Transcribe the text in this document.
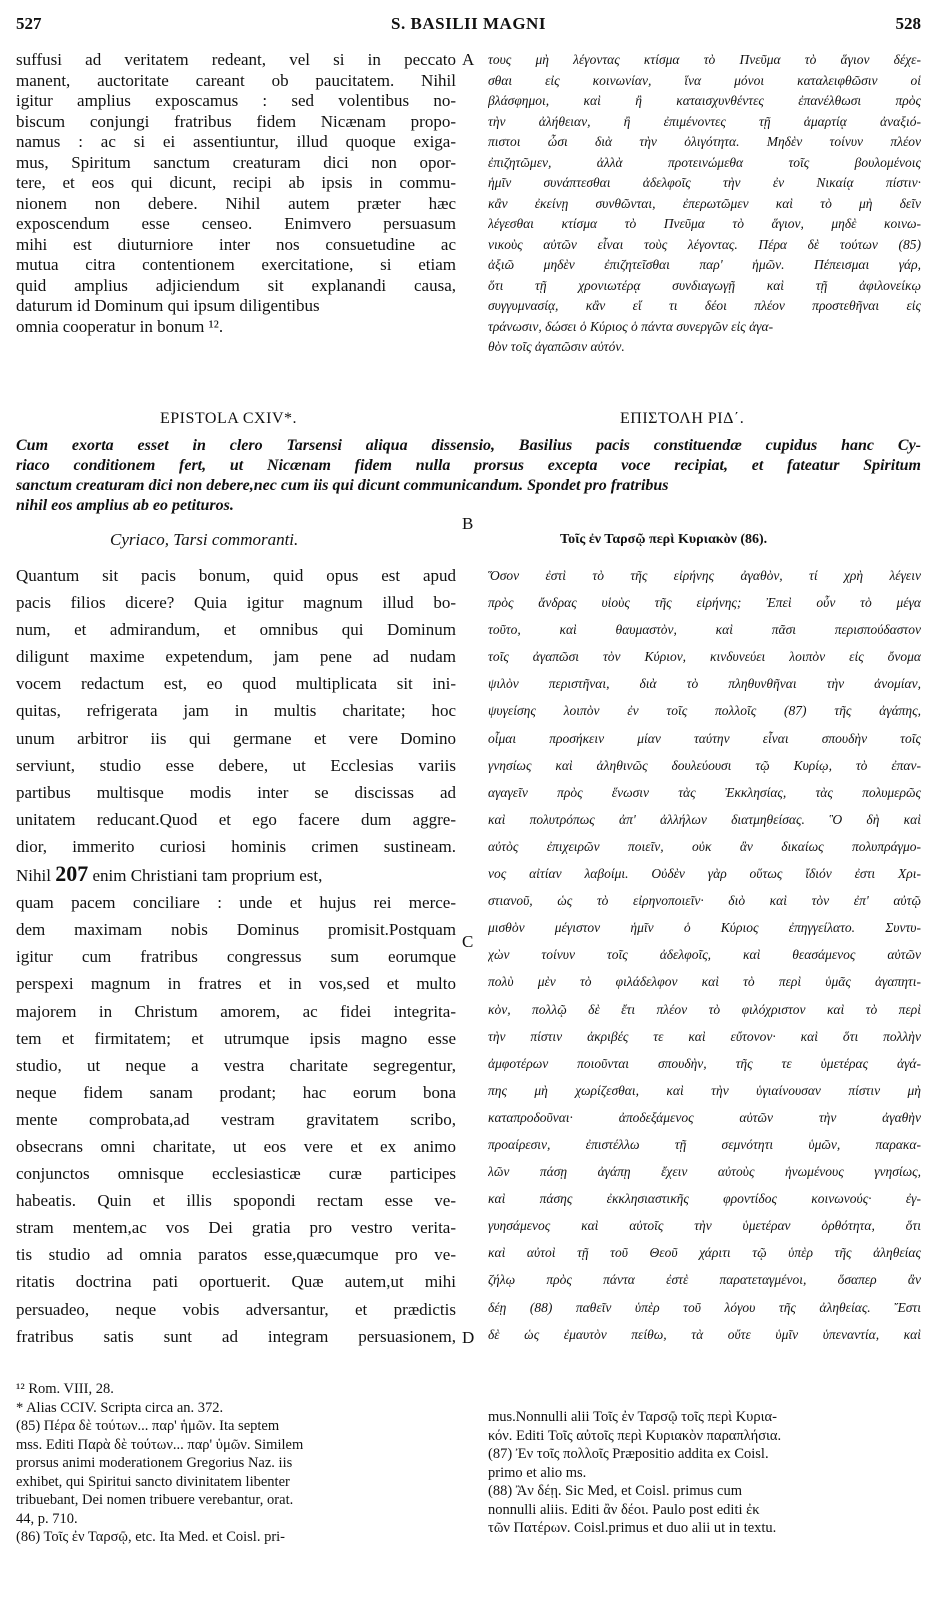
527	S. BASILII MAGNI	528
suffusi ad veritatem redeant, vel si in peccato
manent, auctoritate careant ob paucitatem. Nihil
igitur amplius exposcamus : sed volentibus no-
biscum conjungi fratribus fidem Nicænam propo-
namus : ac si ei assentiuntur, illud quoque exiga-
mus, Spiritum sanctum creaturam dici non opor-
tere, et eos qui dicunt, recipi ab ipsis in commu-
nionem non debere. Nihil autem præter hæc
exposcendum esse censeo. Enimvero persuasum
mihi est diuturniore inter nos consuetudine ac
mutua citra contentionem exercitatione, si etiam
quid amplius adjiciendum sit explanandi causa,
daturum id Dominum qui ipsum diligentibus
omnia cooperatur in bonum ¹².
A τους μὴ λέγοντας κτίσμα τὸ Πνεῦμα τὸ ἅγιον δέχε-
σθαι εἰς κοινωνίαν, ἵνα μόνοι καταλειφθῶσιν οἱ
βλάσφημοι, καὶ ἢ καταισχυνθέντες ἐπανέλθωσι πρὸς
τὴν ἀλήθειαν, ἢ ἐπιμένοντες τῇ ἁμαρτίᾳ ἀναξιό-
πιστοι ὦσι διὰ τὴν ὀλιγότητα. Μηδὲν τοίνυν πλέον
ἐπιζητῶμεν, ἀλλὰ προτεινώμεθα τοῖς βουλομένοις
ἡμῖν συνάπτεσθαι ἀδελφοῖς τὴν ἐν Νικαίᾳ πίστιν·
κἂν ἐκείνῃ συνθῶνται, ἐπερωτῶμεν καὶ τὸ μὴ δεῖν
λέγεσθαι κτίσμα τὸ Πνεῦμα τὸ ἅγιον, μηδὲ κοινω-
νικοὺς αὐτῶν εἶναι τοὺς λέγοντας. Πέρα δὲ τούτων (85)
ἀξιῶ μηδὲν ἐπιζητεῖσθαι παρ' ἡμῶν. Πέπεισμαι γάρ,
ὅτι τῇ χρονιωτέρᾳ συνδιαγωγῇ καὶ τῇ ἀφιλονείκῳ
συγγυμνασίᾳ, κἂν εἴ τι δέοι πλέον προστεθῆναι εἰς
τράνωσιν, δώσει ὁ Κύριος ὁ πάντα συνεργῶν εἰς ἀγα-
θὸν τοῖς ἀγαπῶσιν αὐτόν.
EPISTOLA CXIV*.	ΕΠΙΣΤΟΛΗ ΡΙΔ΄.
Cum exorta esset in clero Tarsensi aliqua dissensio, Basilius pacis constituendæ cupidus hanc Cy-
riaco conditionem fert, ut Nicænam fidem nulla prorsus excepta voce recipiat, et fateatur Spiritum
sanctum creaturam dici non debere,nec cum iis qui dicunt communicandum. Spondet pro fratribus
nihil eos amplius ab eo petituros.
B
Cyriaco, Tarsi commoranti.	Τοῖς ἐν Ταρσῷ περὶ Κυριακὸν (86).
Quantum sit pacis bonum, quid opus est apud
pacis filios dicere? Quia igitur magnum illud bo-
num, et admirandum, et omnibus qui Dominum
diligunt maxime expetendum, jam pene ad nudam
vocem redactum est, eo quod multiplicata sit ini-
quitas, refrigerata jam in multis charitate; hoc
unum arbitror iis qui germane et vere Domino
serviunt, studio esse debere, ut Ecclesias variis
partibus multisque modis inter se discissas ad
unitatem reducant.Quod et ego facere dum aggre-
dior, immerito curiosi hominis crimen sustineam.
Nihil 207 enim Christiani tam proprium est,
quam pacem conciliare : unde et hujus rei merce-
dem maximam nobis Dominus promisit.Postquam
igitur cum fratribus congressus sum eorumque
perspexi magnum in fratres et in vos,sed et multo
majorem in Christum amorem, ac fidei integrita-
tem et firmitatem; et utrumque ipsis magno esse
studio, ut neque a vestra charitate segregentur,
neque fidem sanam prodant; hac eorum bona
mente comprobata,ad vestram gravitatem scribo,
obsecrans omni charitate, ut eos vere et ex animo
conjunctos omnisque ecclesiasticæ curæ participes
habeatis. Quin et illis spopondi rectam esse ve-
stram mentem,ac vos Dei gratia pro vestro verita-
tis studio ad omnia paratos esse,quæcumque pro ve-
ritatis doctrina pati oportuerit. Quæ autem,ut mihi
persuadeo, neque vobis adversantur, et prædictis
fratribus satis sunt ad integram persuasionem,
C
D
Ὅσον ἐστὶ τὸ τῆς εἰρήνης ἀγαθὸν, τί χρὴ λέγειν
πρὸς ἄνδρας υἱοὺς τῆς εἰρήνης; Ἐπεὶ οὖν τὸ μέγα
τοῦτο, καὶ θαυμαστὸν, καὶ πᾶσι περισπούδαστον
τοῖς ἀγαπῶσι τὸν Κύριον, κινδυνεύει λοιπὸν εἰς ὄνομα
ψιλὸν περιστῆναι, διὰ τὸ πληθυνθῆναι τὴν ἀνομίαν,
ψυγείσης λοιπὸν ἐν τοῖς πολλοῖς (87) τῆς ἀγάπης,
οἶμαι προσήκειν μίαν ταύτην εἶναι σπουδὴν τοῖς
γνησίως καὶ ἀληθινῶς δουλεύουσι τῷ Κυρίῳ, τὸ ἐπαν-
αγαγεῖν πρὸς ἕνωσιν τὰς Ἐκκλησίας, τὰς πολυμερῶς
καὶ πολυτρόπως ἀπ' ἀλλήλων διατμηθείσας. Ὃ δὴ καὶ
αὐτὸς ἐπιχειρῶν ποιεῖν, οὐκ ἂν δικαίως πολυπράγμο-
νος αἰτίαν λαβοίμι. Οὐδὲν γὰρ οὕτως ἴδιόν ἐστι Χρι-
στιανοῦ, ὡς τὸ εἰρηνοποιεῖν· διὸ καὶ τὸν ἐπ' αὐτῷ
μισθὸν μέγιστον ἡμῖν ὁ Κύριος ἐπηγγείλατο. Συντυ-
χὼν τοίνυν τοῖς ἀδελφοῖς, καὶ θεασάμενος αὐτῶν
πολὺ μὲν τὸ φιλάδελφον καὶ τὸ περὶ ὑμᾶς ἀγαπητι-
κὸν, πολλῷ δὲ ἔτι πλέον τὸ φιλόχριστον καὶ τὸ περὶ
τὴν πίστιν ἀκριβές τε καὶ εὔτονον· καὶ ὅτι πολλὴν
ἀμφοτέρων ποιοῦνται σπουδὴν, τῆς τε ὑμετέρας ἀγά-
πης μὴ χωρίζεσθαι, καὶ τὴν ὑγιαίνουσαν πίστιν μὴ
καταπροδοῦναι· ἀποδεξάμενος αὐτῶν τὴν ἀγαθὴν
προαίρεσιν, ἐπιστέλλω τῇ σεμνότητι ὑμῶν, παρακα-
λῶν πάσῃ ἀγάπῃ ἔχειν αὐτοὺς ἡνωμένους γνησίως,
καὶ πάσης ἐκκλησιαστικῆς φροντίδος κοινωνούς· ἐγ-
γυησάμενος καὶ αὐτοῖς τὴν ὑμετέραν ὀρθότητα, ὅτι
καὶ αὐτοὶ τῇ τοῦ Θεοῦ χάριτι τῷ ὑπὲρ τῆς ἀληθείας
ζήλῳ πρὸς πάντα ἐστὲ παρατεταγμένοι, ὅσαπερ ἂν
δέῃ (88) παθεῖν ὑπὲρ τοῦ λόγου τῆς ἀληθείας. Ἔστι
δὲ ὡς ἐμαυτὸν πείθω, τὰ οὔτε ὑμῖν ὑπεναντία, καὶ
¹² Rom. VIII, 28.
* Alias CCIV. Scripta circa an. 372.
(85) Πέρα δὲ τούτων... παρ' ἡμῶν. Ita septem
mss. Editi Παρὰ δὲ τούτων... παρ' ὑμῶν. Similem
prorsus animi moderationem Gregorius Naz. iis
exhibet, qui Spiritui sancto divinitatem libenter
tribuebant, Dei nomen tribuere verebantur, orat.
44, p. 710.
(86) Τοῖς ἐν Ταρσῷ, etc. Ita Med. et Coisl. pri-
mus.Nonnulli alii Τοῖς ἐν Ταρσῷ τοῖς περὶ Κυρια-
κόν. Editi Τοῖς αὐτοῖς περὶ Κυριακὸν παραπλήσια.
(87) Ἐν τοῖς πολλοῖς Præpositio addita ex Coisl.
primo et alio ms.
(88) Ἂν δέῃ. Sic Med, et Coisl. primus cum
nonnulli aliis. Editi ἂν δέοι. Paulo post editi ἐκ
τῶν Πατέρων. Coisl.primus et duo alii ut in textu.
